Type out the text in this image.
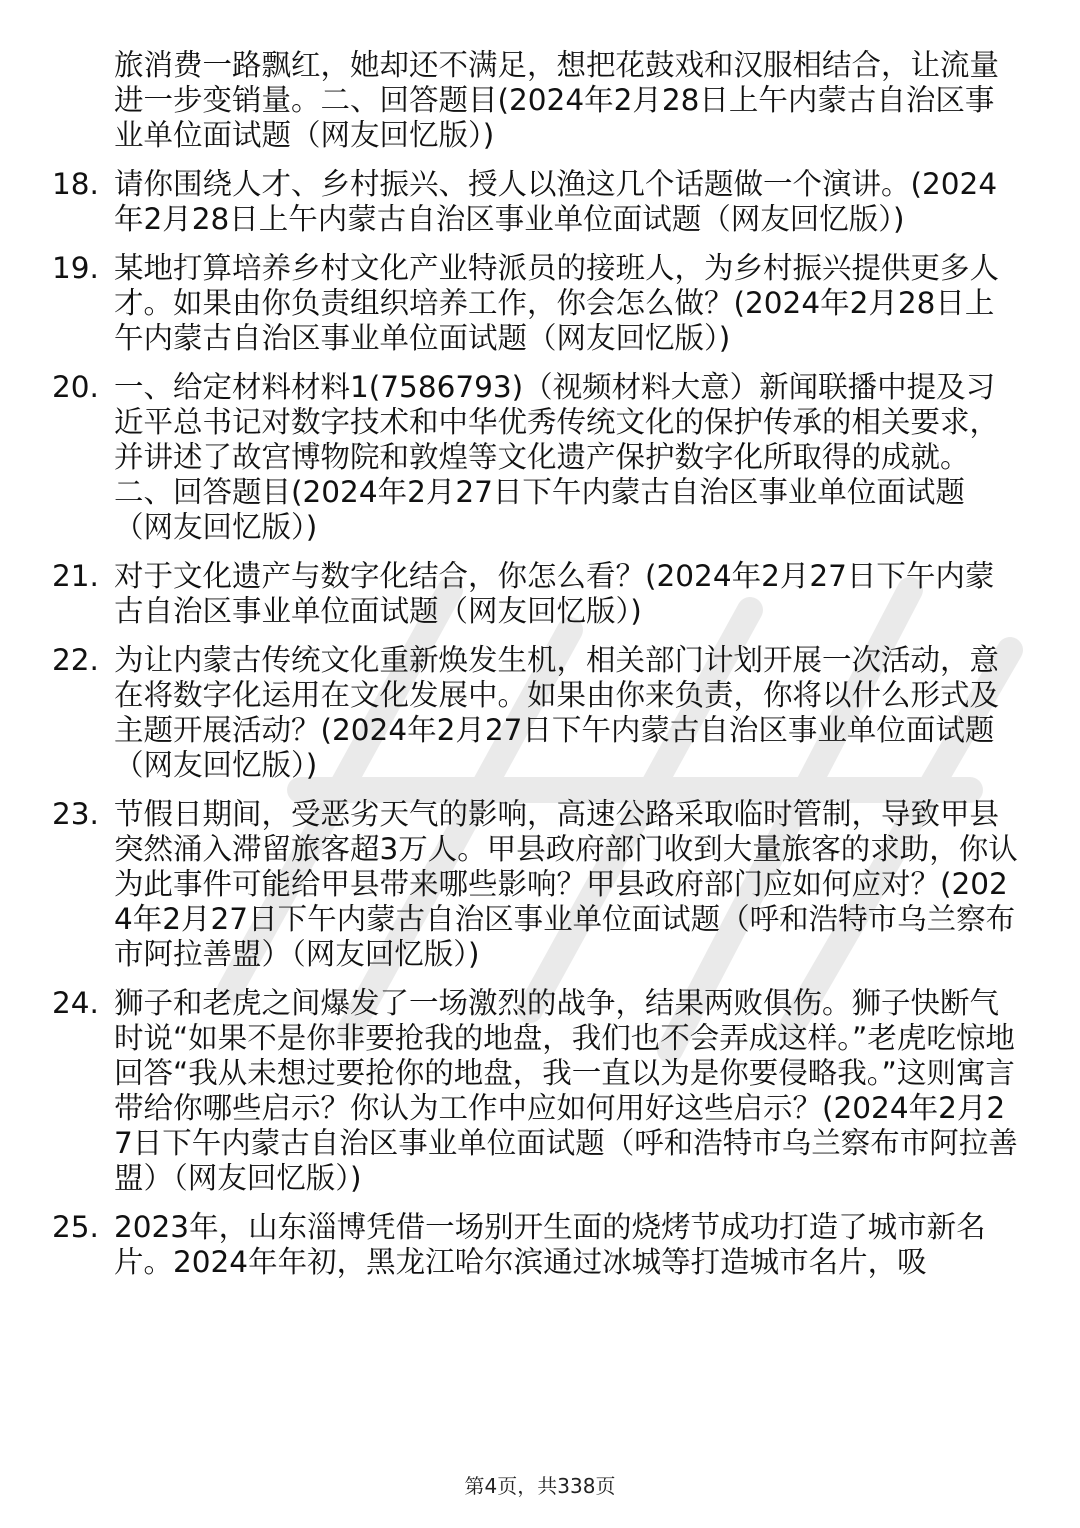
旅消费一路飘红，她却还不满足，想把花鼓戏和汉服相结合，让流量进一步变销量。二、回答题目(2024年2月28日上午内蒙古自治区事业单位面试题（网友回忆版）)
18. 请你围绕人才、乡村振兴、授人以渔这几个话题做一个演讲。(2024年2月28日上午内蒙古自治区事业单位面试题（网友回忆版）)
19. 某地打算培养乡村文化产业特派员的接班人，为乡村振兴提供更多人才。如果由你负责组织培养工作，你会怎么做？(2024年2月28日上午内蒙古自治区事业单位面试题（网友回忆版）)
20. 一、给定材料材料1(7586793)（视频材料大意）新闻联播中提及习近平总书记对数字技术和中华优秀传统文化的保护传承的相关要求，并讲述了故宫博物院和敦煌等文化遗产保护数字化所取得的成就。二、回答题目(2024年2月27日下午内蒙古自治区事业单位面试题（网友回忆版）)
21. 对于文化遗产与数字化结合，你怎么看？(2024年2月27日下午内蒙古自治区事业单位面试题（网友回忆版）)
22. 为让内蒙古传统文化重新焕发生机，相关部门计划开展一次活动，意在将数字化运用在文化发展中。如果由你来负责，你将以什么形式及主题开展活动？(2024年2月27日下午内蒙古自治区事业单位面试题（网友回忆版）)
23. 节假日期间，受恶劣天气的影响，高速公路采取临时管制，导致甲县突然涌入滞留旅客超3万人。甲县政府部门收到大量旅客的求助，你认为此事件可能给甲县带来哪些影响？甲县政府部门应如何应对？(2024年2月27日下午内蒙古自治区事业单位面试题（呼和浩特市乌兰察布市阿拉善盟）（网友回忆版）)
24. 狮子和老虎之间爆发了一场激烈的战争，结果两败俱伤。狮子快断气时说“如果不是你非要抢我的地盘，我们也不会弄成这样。”老虎吃惊地回答“我从未想过要抢你的地盘，我一直以为是你要侵略我。”这则寓言带给你哪些启示？你认为工作中应如何用好这些启示？(2024年2月27日下午内蒙古自治区事业单位面试题（呼和浩特市乌兰察布市阿拉善盟）（网友回忆版）)
25. 2023年，山东淄博凭借一场别开生面的烧烤节成功打造了城市新名片。2024年年初，黑龙江哈尔滨通过冰城等打造城市名片，吸
第4页，共338页
